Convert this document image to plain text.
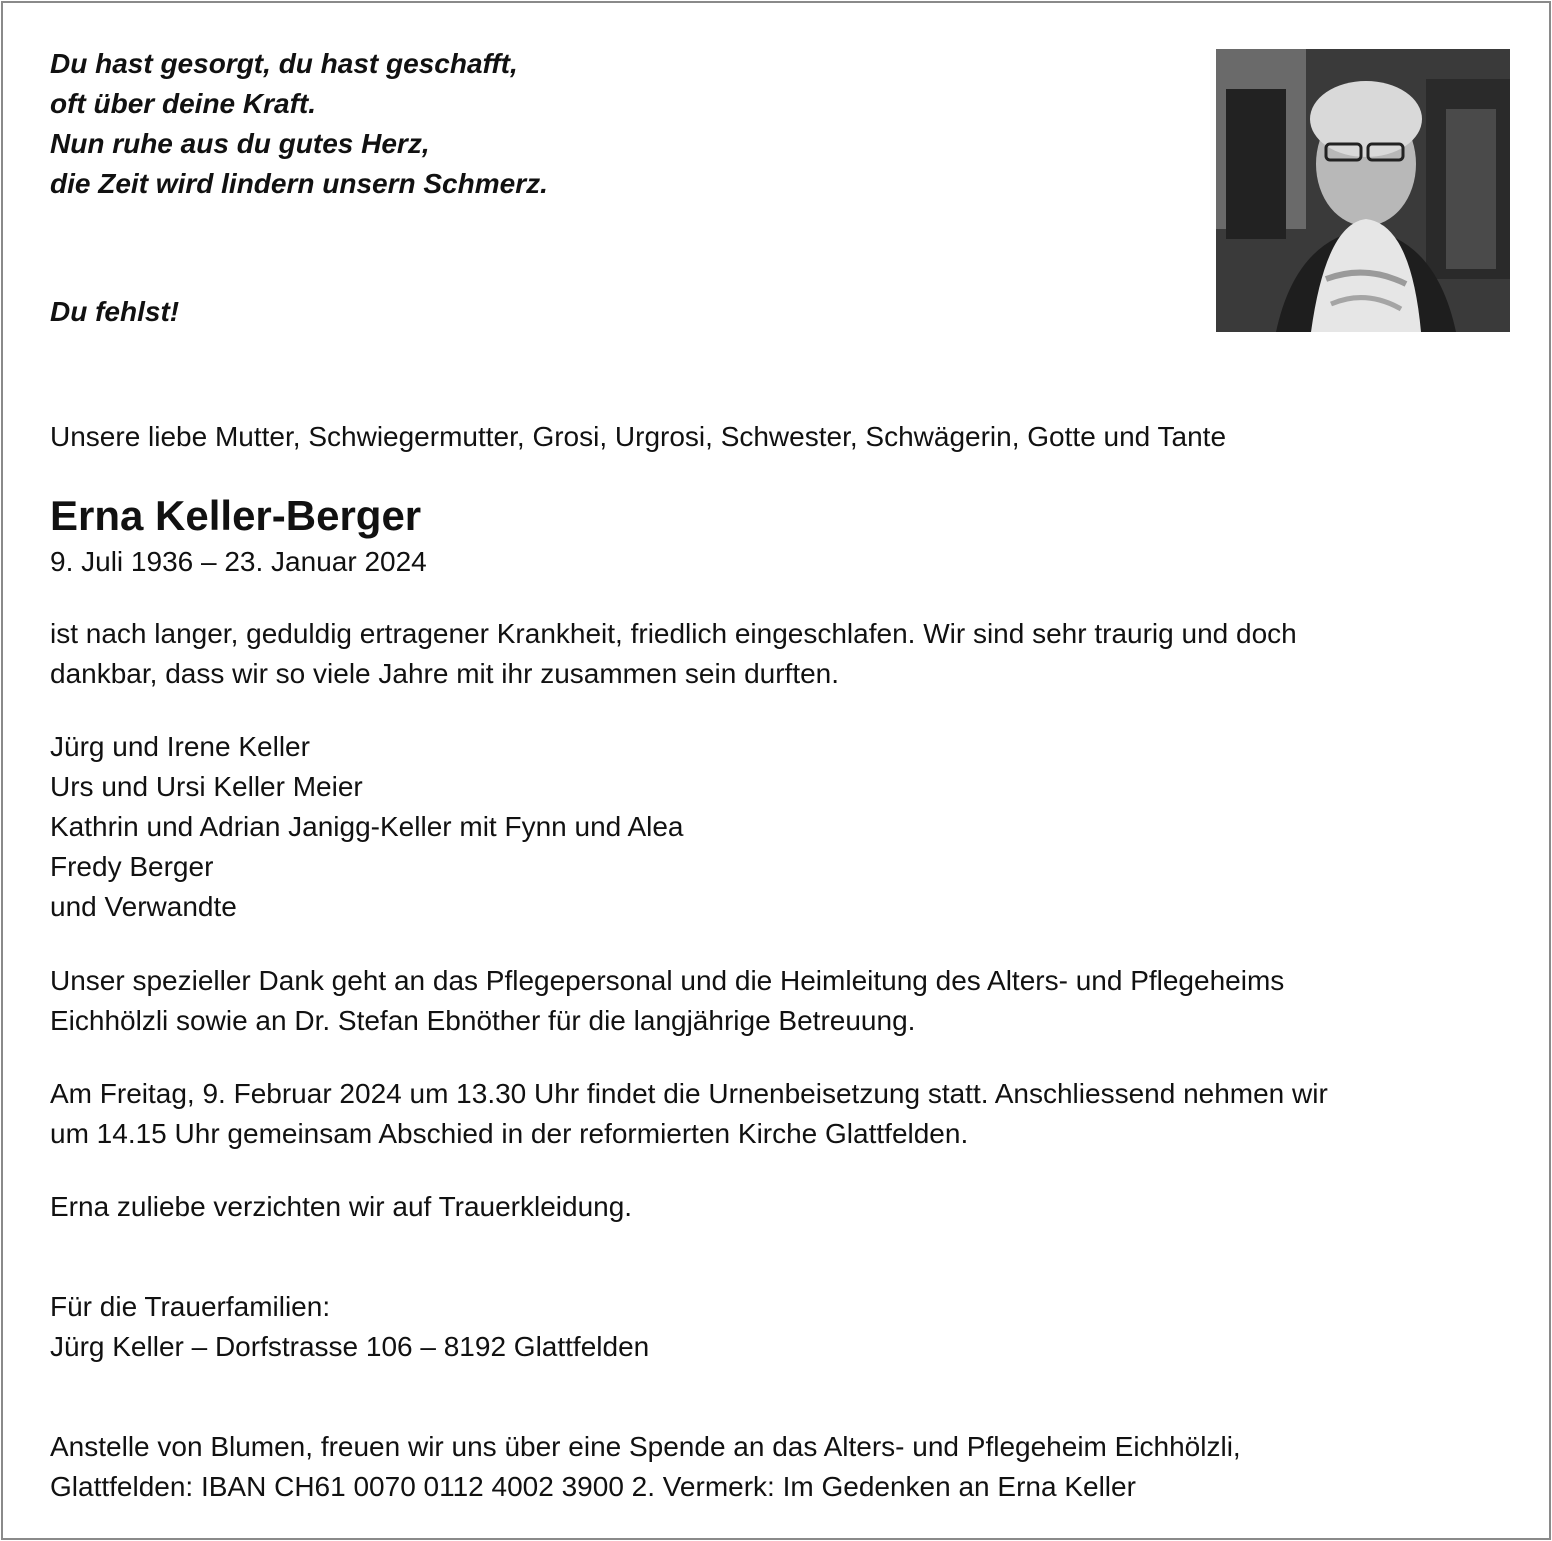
Du hast gesorgt, du hast geschafft,
oft über deine Kraft.
Nun ruhe aus du gutes Herz,
die Zeit wird lindern unsern Schmerz.
Du fehlst!
Unsere liebe Mutter, Schwiegermutter, Grosi, Urgrosi, Schwester, Schwägerin, Gotte und Tante
Erna Keller-Berger
9. Juli 1936 – 23. Januar 2024
ist nach langer, geduldig ertragener Krankheit, friedlich eingeschlafen. Wir sind sehr traurig und doch
dankbar, dass wir so viele Jahre mit ihr zusammen sein durften.
Jürg und Irene Keller
Urs und Ursi Keller Meier
Kathrin und Adrian Janigg-Keller mit Fynn und Alea
Fredy Berger
und Verwandte
Unser spezieller Dank geht an das Pflegepersonal und die Heimleitung des Alters- und Pflegeheims
Eichhölzli sowie an Dr. Stefan Ebnöther für die langjährige Betreuung.
Am Freitag, 9. Februar 2024 um 13.30 Uhr findet die Urnenbeisetzung statt. Anschliessend nehmen wir
um 14.15 Uhr gemeinsam Abschied in der reformierten Kirche Glattfelden.
Erna zuliebe verzichten wir auf Trauerkleidung.
Für die Trauerfamilien:
Jürg Keller – Dorfstrasse 106 – 8192 Glattfelden
Anstelle von Blumen, freuen wir uns über eine Spende an das Alters- und Pflegeheim Eichhölzli,
Glattfelden: IBAN CH61 0070 0112 4002 3900 2. Vermerk: Im Gedenken an Erna Keller
